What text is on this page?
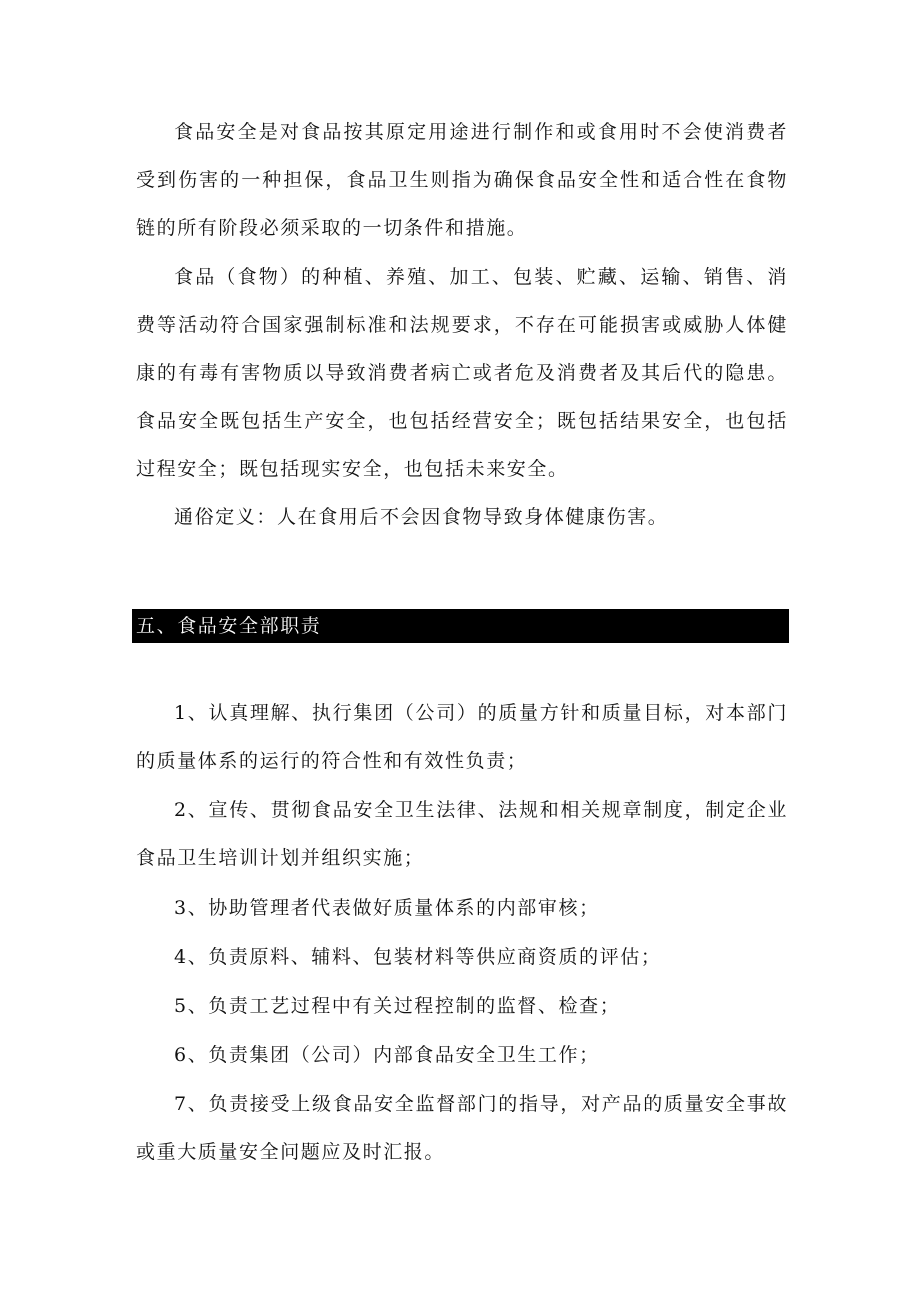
食品安全是对食品按其原定用途进行制作和或食用时不会使消费者受到伤害的一种担保，食品卫生则指为确保食品安全性和适合性在食物链的所有阶段必须采取的一切条件和措施。

食品（食物）的种植、养殖、加工、包装、贮藏、运输、销售、消费等活动符合国家强制标准和法规要求，不存在可能损害或威胁人体健康的有毒有害物质以导致消费者病亡或者危及消费者及其后代的隐患。食品安全既包括生产安全，也包括经营安全；既包括结果安全，也包括过程安全；既包括现实安全，也包括未来安全。

通俗定义：人在食用后不会因食物导致身体健康伤害。

五、食品安全部职责

1、认真理解、执行集团（公司）的质量方针和质量目标，对本部门的质量体系的运行的符合性和有效性负责；

2、宣传、贯彻食品安全卫生法律、法规和相关规章制度，制定企业食品卫生培训计划并组织实施；

3、协助管理者代表做好质量体系的内部审核；

4、负责原料、辅料、包装材料等供应商资质的评估；

5、负责工艺过程中有关过程控制的监督、检查；

6、负责集团（公司）内部食品安全卫生工作；

7、负责接受上级食品安全监督部门的指导，对产品的质量安全事故或重大质量安全问题应及时汇报。
